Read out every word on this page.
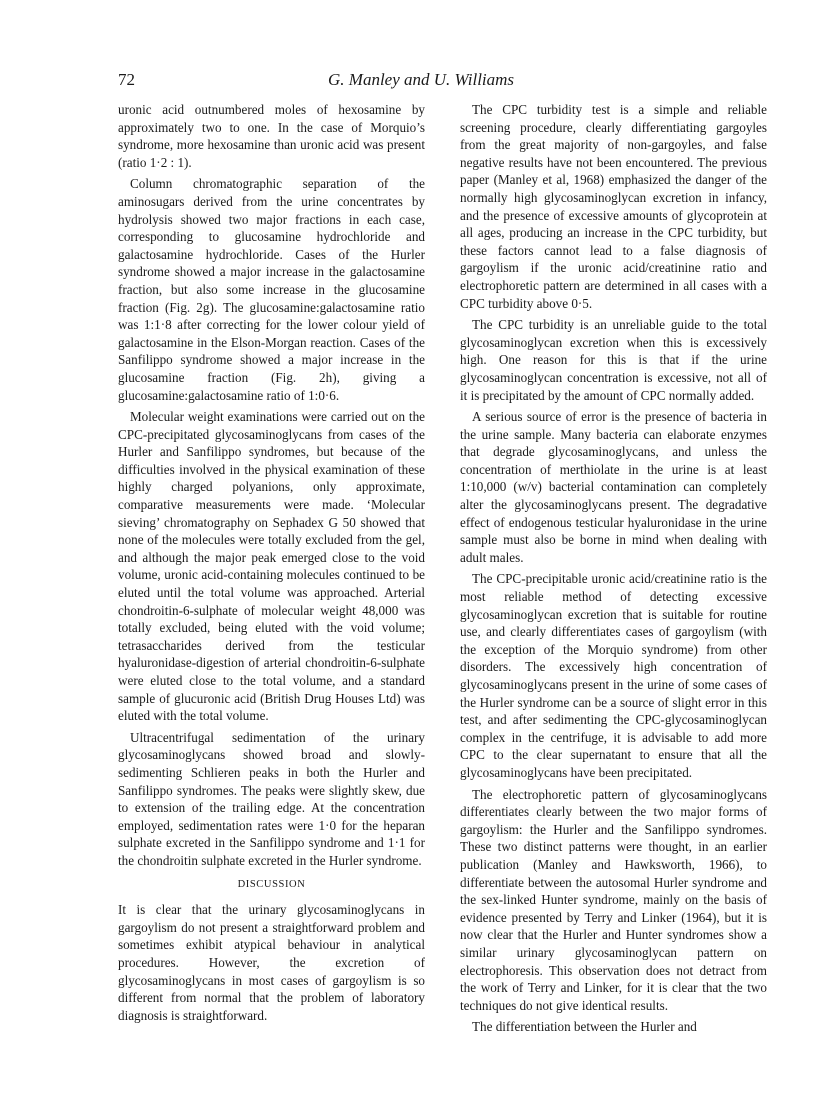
72	G. Manley and U. Williams

uronic acid outnumbered moles of hexosamine by approximately two to one. In the case of Morquio’s syndrome, more hexosamine than uronic acid was present (ratio 1·2 : 1).

Column chromatographic separation of the aminosugars derived from the urine concentrates by hydrolysis showed two major fractions in each case, corresponding to glucosamine hydrochloride and galactosamine hydrochloride. Cases of the Hurler syndrome showed a major increase in the galactosamine fraction, but also some increase in the glucosamine fraction (Fig. 2g). The glucosamine:galactosamine ratio was 1:1·8 after correcting for the lower colour yield of galactosamine in the Elson-Morgan reaction. Cases of the Sanfilippo syndrome showed a major increase in the glucosamine fraction (Fig. 2h), giving a glucosamine:galactosamine ratio of 1:0·6.

Molecular weight examinations were carried out on the CPC-precipitated glycosaminoglycans from cases of the Hurler and Sanfilippo syndromes, but because of the difficulties involved in the physical examination of these highly charged polyanions, only approximate, comparative measurements were made. ‘Molecular sieving’ chromatography on Sephadex G 50 showed that none of the molecules were totally excluded from the gel, and although the major peak emerged close to the void volume, uronic acid-containing molecules continued to be eluted until the total volume was approached. Arterial chondroitin-6-sulphate of molecular weight 48,000 was totally excluded, being eluted with the void volume; tetrasaccharides derived from the testicular hyaluronidase-digestion of arterial chondroitin-6-sulphate were eluted close to the total volume, and a standard sample of glucuronic acid (British Drug Houses Ltd) was eluted with the total volume.

Ultracentrifugal sedimentation of the urinary glycosaminoglycans showed broad and slowly-sedimenting Schlieren peaks in both the Hurler and Sanfilippo syndromes. The peaks were slightly skew, due to extension of the trailing edge. At the concentration employed, sedimentation rates were 1·0 for the heparan sulphate excreted in the Sanfilippo syndrome and 1·1 for the chondroitin sulphate excreted in the Hurler syndrome.

DISCUSSION

It is clear that the urinary glycosaminoglycans in gargoylism do not present a straightforward problem and sometimes exhibit atypical behaviour in analytical procedures. However, the excretion of glycosaminoglycans in most cases of gargoylism is so different from normal that the problem of laboratory diagnosis is straightforward.

The CPC turbidity test is a simple and reliable screening procedure, clearly differentiating gargoyles from the great majority of non-gargoyles, and false negative results have not been encountered. The previous paper (Manley et al, 1968) emphasized the danger of the normally high glycosaminoglycan excretion in infancy, and the presence of excessive amounts of glycoprotein at all ages, producing an increase in the CPC turbidity, but these factors cannot lead to a false diagnosis of gargoylism if the uronic acid/creatinine ratio and electrophoretic pattern are determined in all cases with a CPC turbidity above 0·5.

The CPC turbidity is an unreliable guide to the total glycosaminoglycan excretion when this is excessively high. One reason for this is that if the urine glycosaminoglycan concentration is excessive, not all of it is precipitated by the amount of CPC normally added.

A serious source of error is the presence of bacteria in the urine sample. Many bacteria can elaborate enzymes that degrade glycosaminoglycans, and unless the concentration of merthiolate in the urine is at least 1:10,000 (w/v) bacterial contamination can completely alter the glycosaminoglycans present. The degradative effect of endogenous testicular hyaluronidase in the urine sample must also be borne in mind when dealing with adult males.

The CPC-precipitable uronic acid/creatinine ratio is the most reliable method of detecting excessive glycosaminoglycan excretion that is suitable for routine use, and clearly differentiates cases of gargoylism (with the exception of the Morquio syndrome) from other disorders. The excessively high concentration of glycosaminoglycans present in the urine of some cases of the Hurler syndrome can be a source of slight error in this test, and after sedimenting the CPC-glycosaminoglycan complex in the centrifuge, it is advisable to add more CPC to the clear supernatant to ensure that all the glycosaminoglycans have been precipitated.

The electrophoretic pattern of glycosaminoglycans differentiates clearly between the two major forms of gargoylism: the Hurler and the Sanfilippo syndromes. These two distinct patterns were thought, in an earlier publication (Manley and Hawksworth, 1966), to differentiate between the autosomal Hurler syndrome and the sex-linked Hunter syndrome, mainly on the basis of evidence presented by Terry and Linker (1964), but it is now clear that the Hurler and Hunter syndromes show a similar urinary glycosaminoglycan pattern on electrophoresis. This observation does not detract from the work of Terry and Linker, for it is clear that the two techniques do not give identical results.

The differentiation between the Hurler and
